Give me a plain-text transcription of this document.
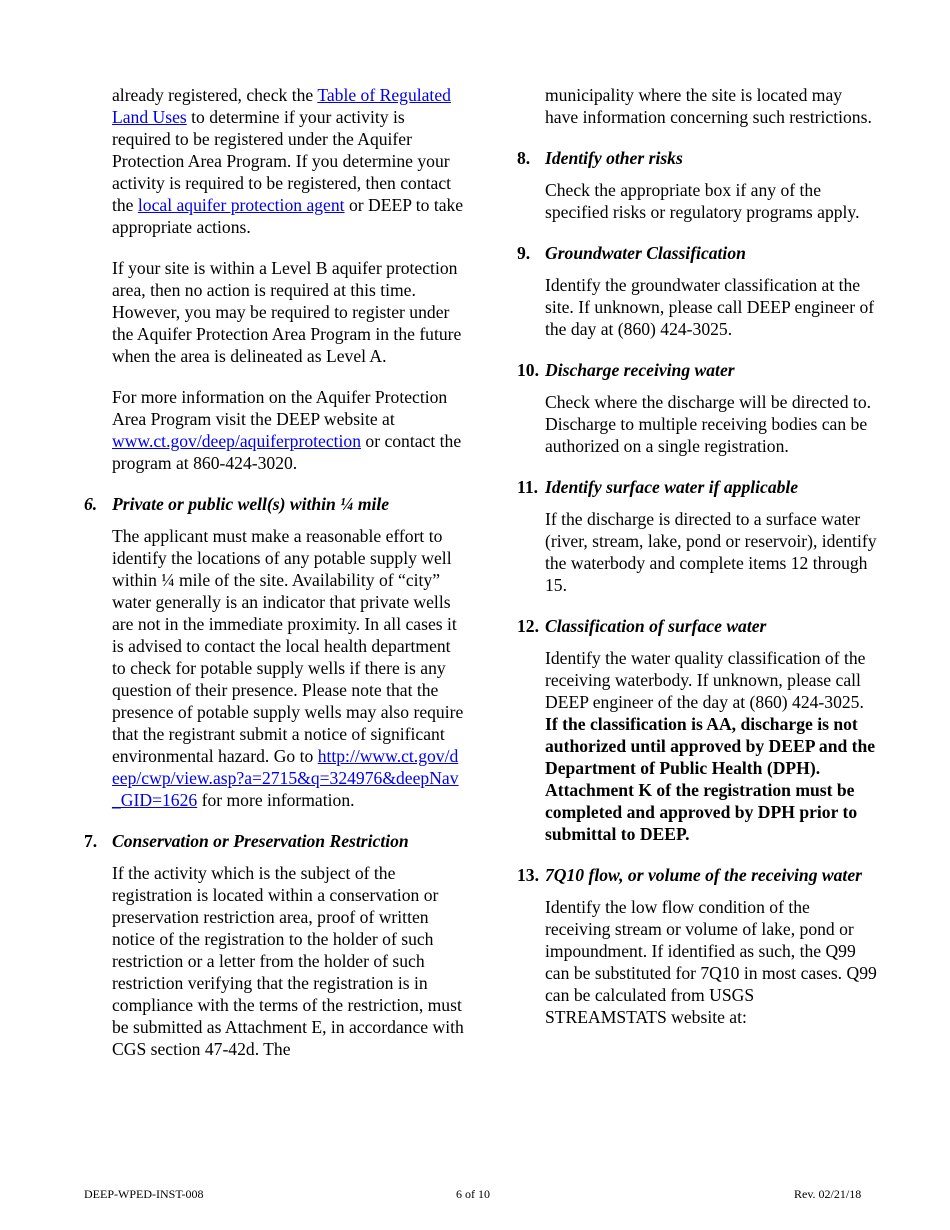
already registered, check the Table of Regulated Land Uses to determine if your activity is required to be registered under the Aquifer Protection Area Program. If you determine your activity is required to be registered, then contact the local aquifer protection agent or DEEP to take appropriate actions.

If your site is within a Level B aquifer protection area, then no action is required at this time. However, you may be required to register under the Aquifer Protection Area Program in the future when the area is delineated as Level A.

For more information on the Aquifer Protection Area Program visit the DEEP website at www.ct.gov/deep/aquiferprotection or contact the program at 860-424-3020.

6. Private or public well(s) within ¼ mile

The applicant must make a reasonable effort to identify the locations of any potable supply well within ¼ mile of the site. Availability of “city” water generally is an indicator that private wells are not in the immediate proximity. In all cases it is advised to contact the local health department to check for potable supply wells if there is any question of their presence. Please note that the presence of potable supply wells may also require that the registrant submit a notice of significant environmental hazard. Go to http://www.ct.gov/deep/cwp/view.asp?a=2715&q=324976&deepNav_GID=1626 for more information.

7. Conservation or Preservation Restriction

If the activity which is the subject of the registration is located within a conservation or preservation restriction area, proof of written notice of the registration to the holder of such restriction or a letter from the holder of such restriction verifying that the registration is in compliance with the terms of the restriction, must be submitted as Attachment E, in accordance with CGS section 47-42d. The

municipality where the site is located may have information concerning such restrictions.

8. Identify other risks

Check the appropriate box if any of the specified risks or regulatory programs apply.

9. Groundwater Classification

Identify the groundwater classification at the site. If unknown, please call DEEP engineer of the day at (860) 424-3025.

10. Discharge receiving water

Check where the discharge will be directed to. Discharge to multiple receiving bodies can be authorized on a single registration.

11. Identify surface water if applicable

If the discharge is directed to a surface water (river, stream, lake, pond or reservoir), identify the waterbody and complete items 12 through 15.

12. Classification of surface water

Identify the water quality classification of the receiving waterbody. If unknown, please call DEEP engineer of the day at (860) 424-3025. If the classification is AA, discharge is not authorized until approved by DEEP and the Department of Public Health (DPH). Attachment K of the registration must be completed and approved by DPH prior to submittal to DEEP.

13. 7Q10 flow, or volume of the receiving water

Identify the low flow condition of the receiving stream or volume of lake, pond or impoundment. If identified as such, the Q99 can be substituted for 7Q10 in most cases. Q99 can be calculated from USGS STREAMSTATS website at:

DEEP-WPED-INST-008	6 of 10	Rev. 02/21/18
